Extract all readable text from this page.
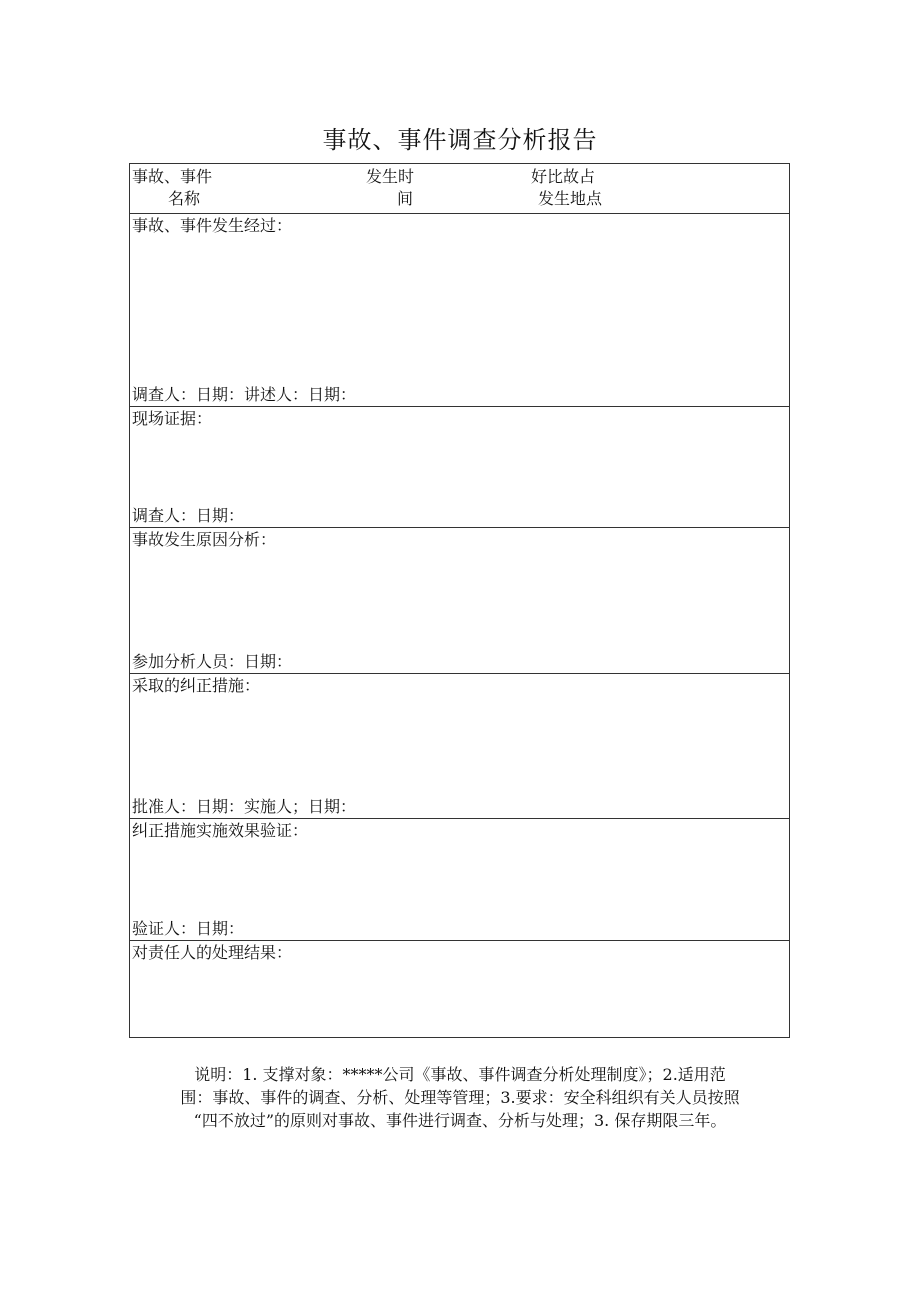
事故、事件调查分析报告
事故、事件
名称
发生时
间
好比故占
发生地点
事故、事件发生经过：
调查人：日期：讲述人：日期：
现场证据：
调查人：日期：
事故发生原因分析：
参加分析人员：日期：
采取的纠正措施：
批准人：日期：实施人；日期：
纠正措施实施效果验证：
验证人：日期：
对责任人的处理结果：
说明：1. 支撑对象：*****公司《事故、事件调查分析处理制度》；2.适用范
围：事故、事件的调查、分析、处理等管理；3.要求：安全科组织有关人员按照
“四不放过”的原则对事故、事件进行调查、分析与处理；3. 保存期限三年。
